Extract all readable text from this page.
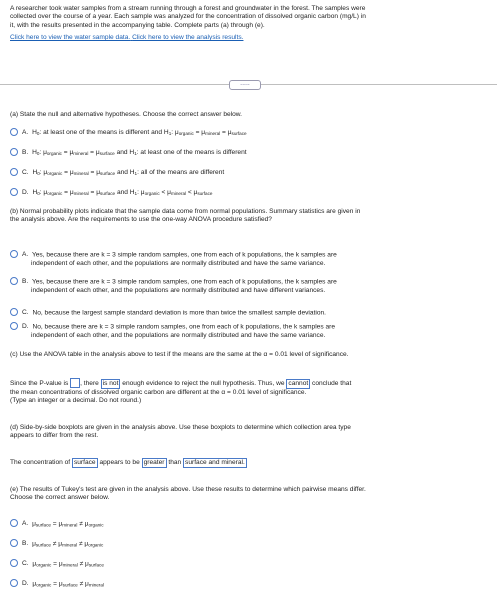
A researcher took water samples from a stream running through a forest and groundwater in the forest. The samples were

collected over the course of a year. Each sample was analyzed for the concentration of dissolved organic carbon (mg/L) in

it, with the results presented in the accompanying table. Complete parts (a) through (e).

Click here to view the water sample data. Click here to view the analysis results.

.....

(a) State the null and alternative hypotheses. Choose the correct answer below.

A. $H_0$: at least one of the means is different and $H_1$: $\mu_{organic} = \mu_{mineral} = \mu_{surface}$
B. $H_0$: $\mu_{organic} = \mu_{mineral} = \mu_{surface}$ and $H_1$: at least one of the means is different
C. $H_0$: $\mu_{organic} = \mu_{mineral} = \mu_{surface}$ and $H_1$: all of the means are different
D. $H_0$: $\mu_{organic} = \mu_{mineral} = \mu_{surface}$ and $H_1$: $\mu_{organic} < \mu_{mineral} < \mu_{surface}$

(b) Normal probability plots indicate that the sample data come from normal populations. Summary statistics are given in

the analysis above. Are the requirements to use the one-way ANOVA procedure satisfied?

A. Yes, because there are k = 3 simple random samples, one from each of k populations, the k samples are

independent of each other, and the populations are normally distributed and have the same variance.

B. Yes, because there are k = 3 simple random samples, one from each of k populations, the k samples are

independent of each other, and the populations are normally distributed and have different variances.

C. No, because the largest sample standard deviation is more than twice the smallest sample deviation.

D. No, because there are k = 3 simple random samples, one from each of k populations, the k samples are

independent of each other, and the populations are normally distributed and have the same variance.

(c) Use the ANOVA table in the analysis above to test if the means are the same at the α = 0.01 level of significance.

Since the P-value is , there is not enough evidence to reject the null hypothesis. Thus, we cannot conclude that

the mean concentrations of dissolved organic carbon are different at the α = 0.01 level of significance.

(Type an integer or a decimal. Do not round.)

(d) Side-by-side boxplots are given in the analysis above. Use these boxplots to determine which collection area type

appears to differ from the rest.

The concentration of surface appears to be greater than surface and mineral.

(e) The results of Tukey's test are given in the analysis above. Use these results to determine which pairwise means differ.

Choose the correct answer below.

A. $\mu_{surface} = \mu_{mineral} \ne \mu_{organic}$
B. $\mu_{surface} \ne \mu_{mineral} \ne \mu_{organic}$
C. $\mu_{organic} = \mu_{mineral} \ne \mu_{surface}$
D. $\mu_{organic} = \mu_{surface} \ne \mu_{mineral}$
